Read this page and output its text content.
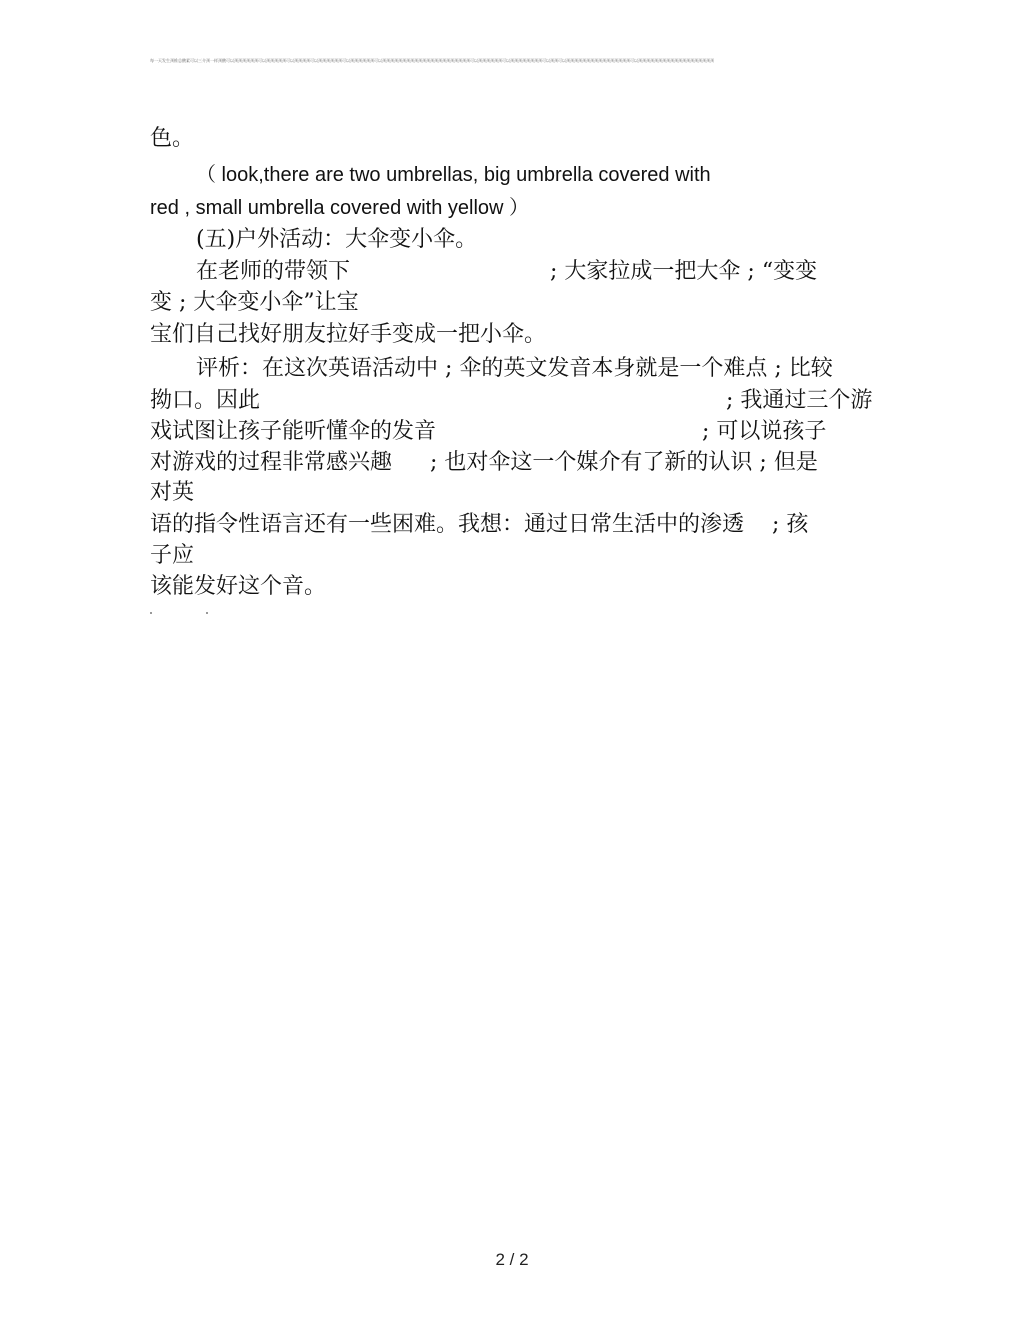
每一天发生颈椎总酸素可以三介颈一样颈酸可以颈颈颈颈颈颈可以颈颈颈颈颈可以颈颈颈颈可以颈颈颈颈颈颈可以颈颈颈颈颈颈可以颈颈颈颈颈颈颈颈颈颈颈颈颈颈颈颈颈颈颈颈颈颈可以颈颈颈颈颈颈可以颈颈颈颈颈颈颈颈可以颈颈可以颈颈颈颈颈颈颈颈颈颈颈颈颈颈颈颈可以颈颈颈颈颈颈颈颈颈颈颈颈颈颈颈颈颈颈颈
色。
（ look,there are two umbrellas, big umbrella covered with
red , small umbrella covered with yellow ）
(五)户外活动：大伞变小伞。
在老师的带领下	; 大家拉成一把大伞 ; “变变
变 ; 大伞变小伞”让宝
宝们自己找好朋友拉好手变成一把小伞。
评析：在这次英语活动中 ; 伞的英文发音本身就是一个难点 ; 比较
拗口。因此	; 我通过三个游
戏试图让孩子能听懂伞的发音	; 可以说孩子
对游戏的过程非常感兴趣 ; 也对伞这一个媒介有了新的认识 ; 但是
对英
语的指令性语言还有一些困难。我想：通过日常生活中的渗透 ; 孩
子应
该能发好这个音。
2 / 2
